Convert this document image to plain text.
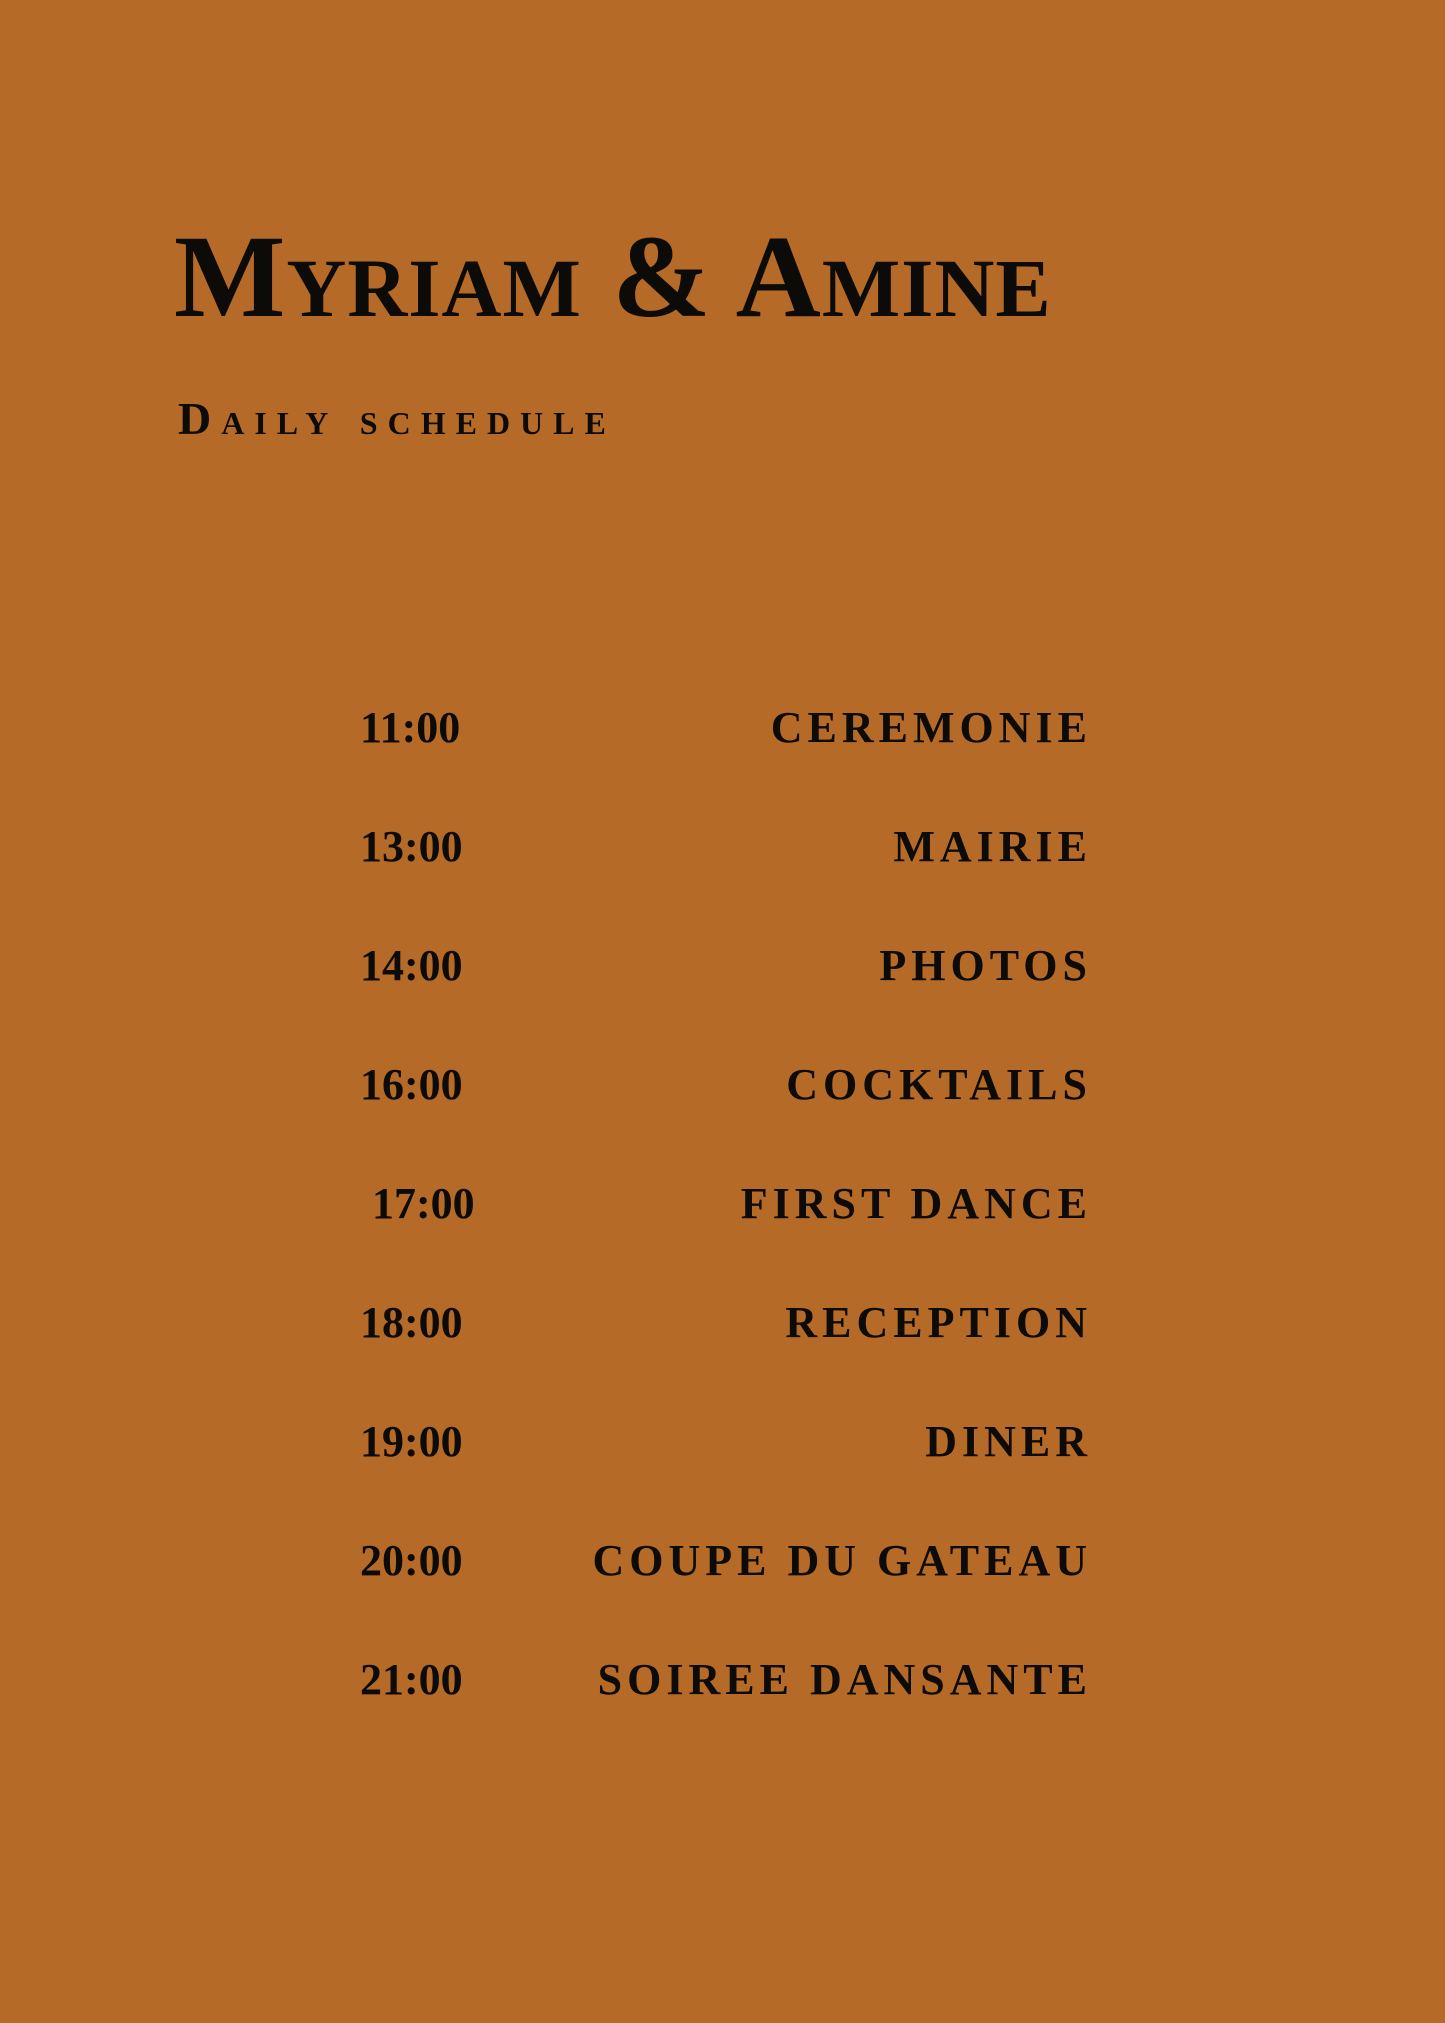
Myriam & Amine
Daily schedule
11:00	CEREMONIE
13:00	MAIRIE
14:00	PHOTOS
16:00	COCKTAILS
17:00	FIRST DANCE
18:00	RECEPTION
19:00	DINER
20:00	COUPE DU GATEAU
21:00	SOIREE DANSANTE
